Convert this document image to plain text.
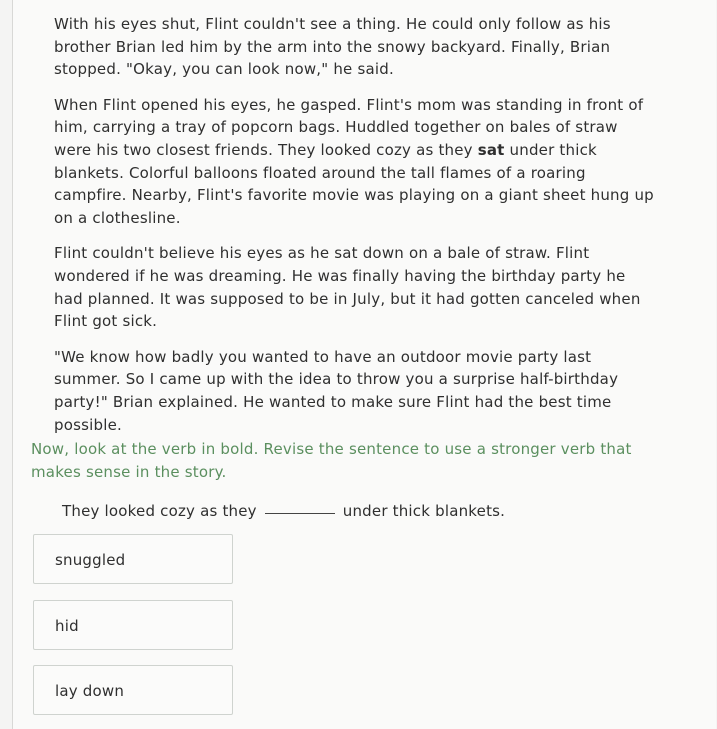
With his eyes shut, Flint couldn't see a thing. He could only follow as his brother Brian led him by the arm into the snowy backyard. Finally, Brian stopped. "Okay, you can look now," he said.

When Flint opened his eyes, he gasped. Flint's mom was standing in front of him, carrying a tray of popcorn bags. Huddled together on bales of straw were his two closest friends. They looked cozy as they sat under thick blankets. Colorful balloons floated around the tall flames of a roaring campfire. Nearby, Flint's favorite movie was playing on a giant sheet hung up on a clothesline.

Flint couldn't believe his eyes as he sat down on a bale of straw. Flint wondered if he was dreaming. He was finally having the birthday party he had planned. It was supposed to be in July, but it had gotten canceled when Flint got sick.

"We know how badly you wanted to have an outdoor movie party last summer. So I came up with the idea to throw you a surprise half-birthday party!" Brian explained. He wanted to make sure Flint had the best time possible.

Now, look at the verb in bold. Revise the sentence to use a stronger verb that makes sense in the story.
They looked cozy as they	under thick blankets.
snuggled
hid
lay down
